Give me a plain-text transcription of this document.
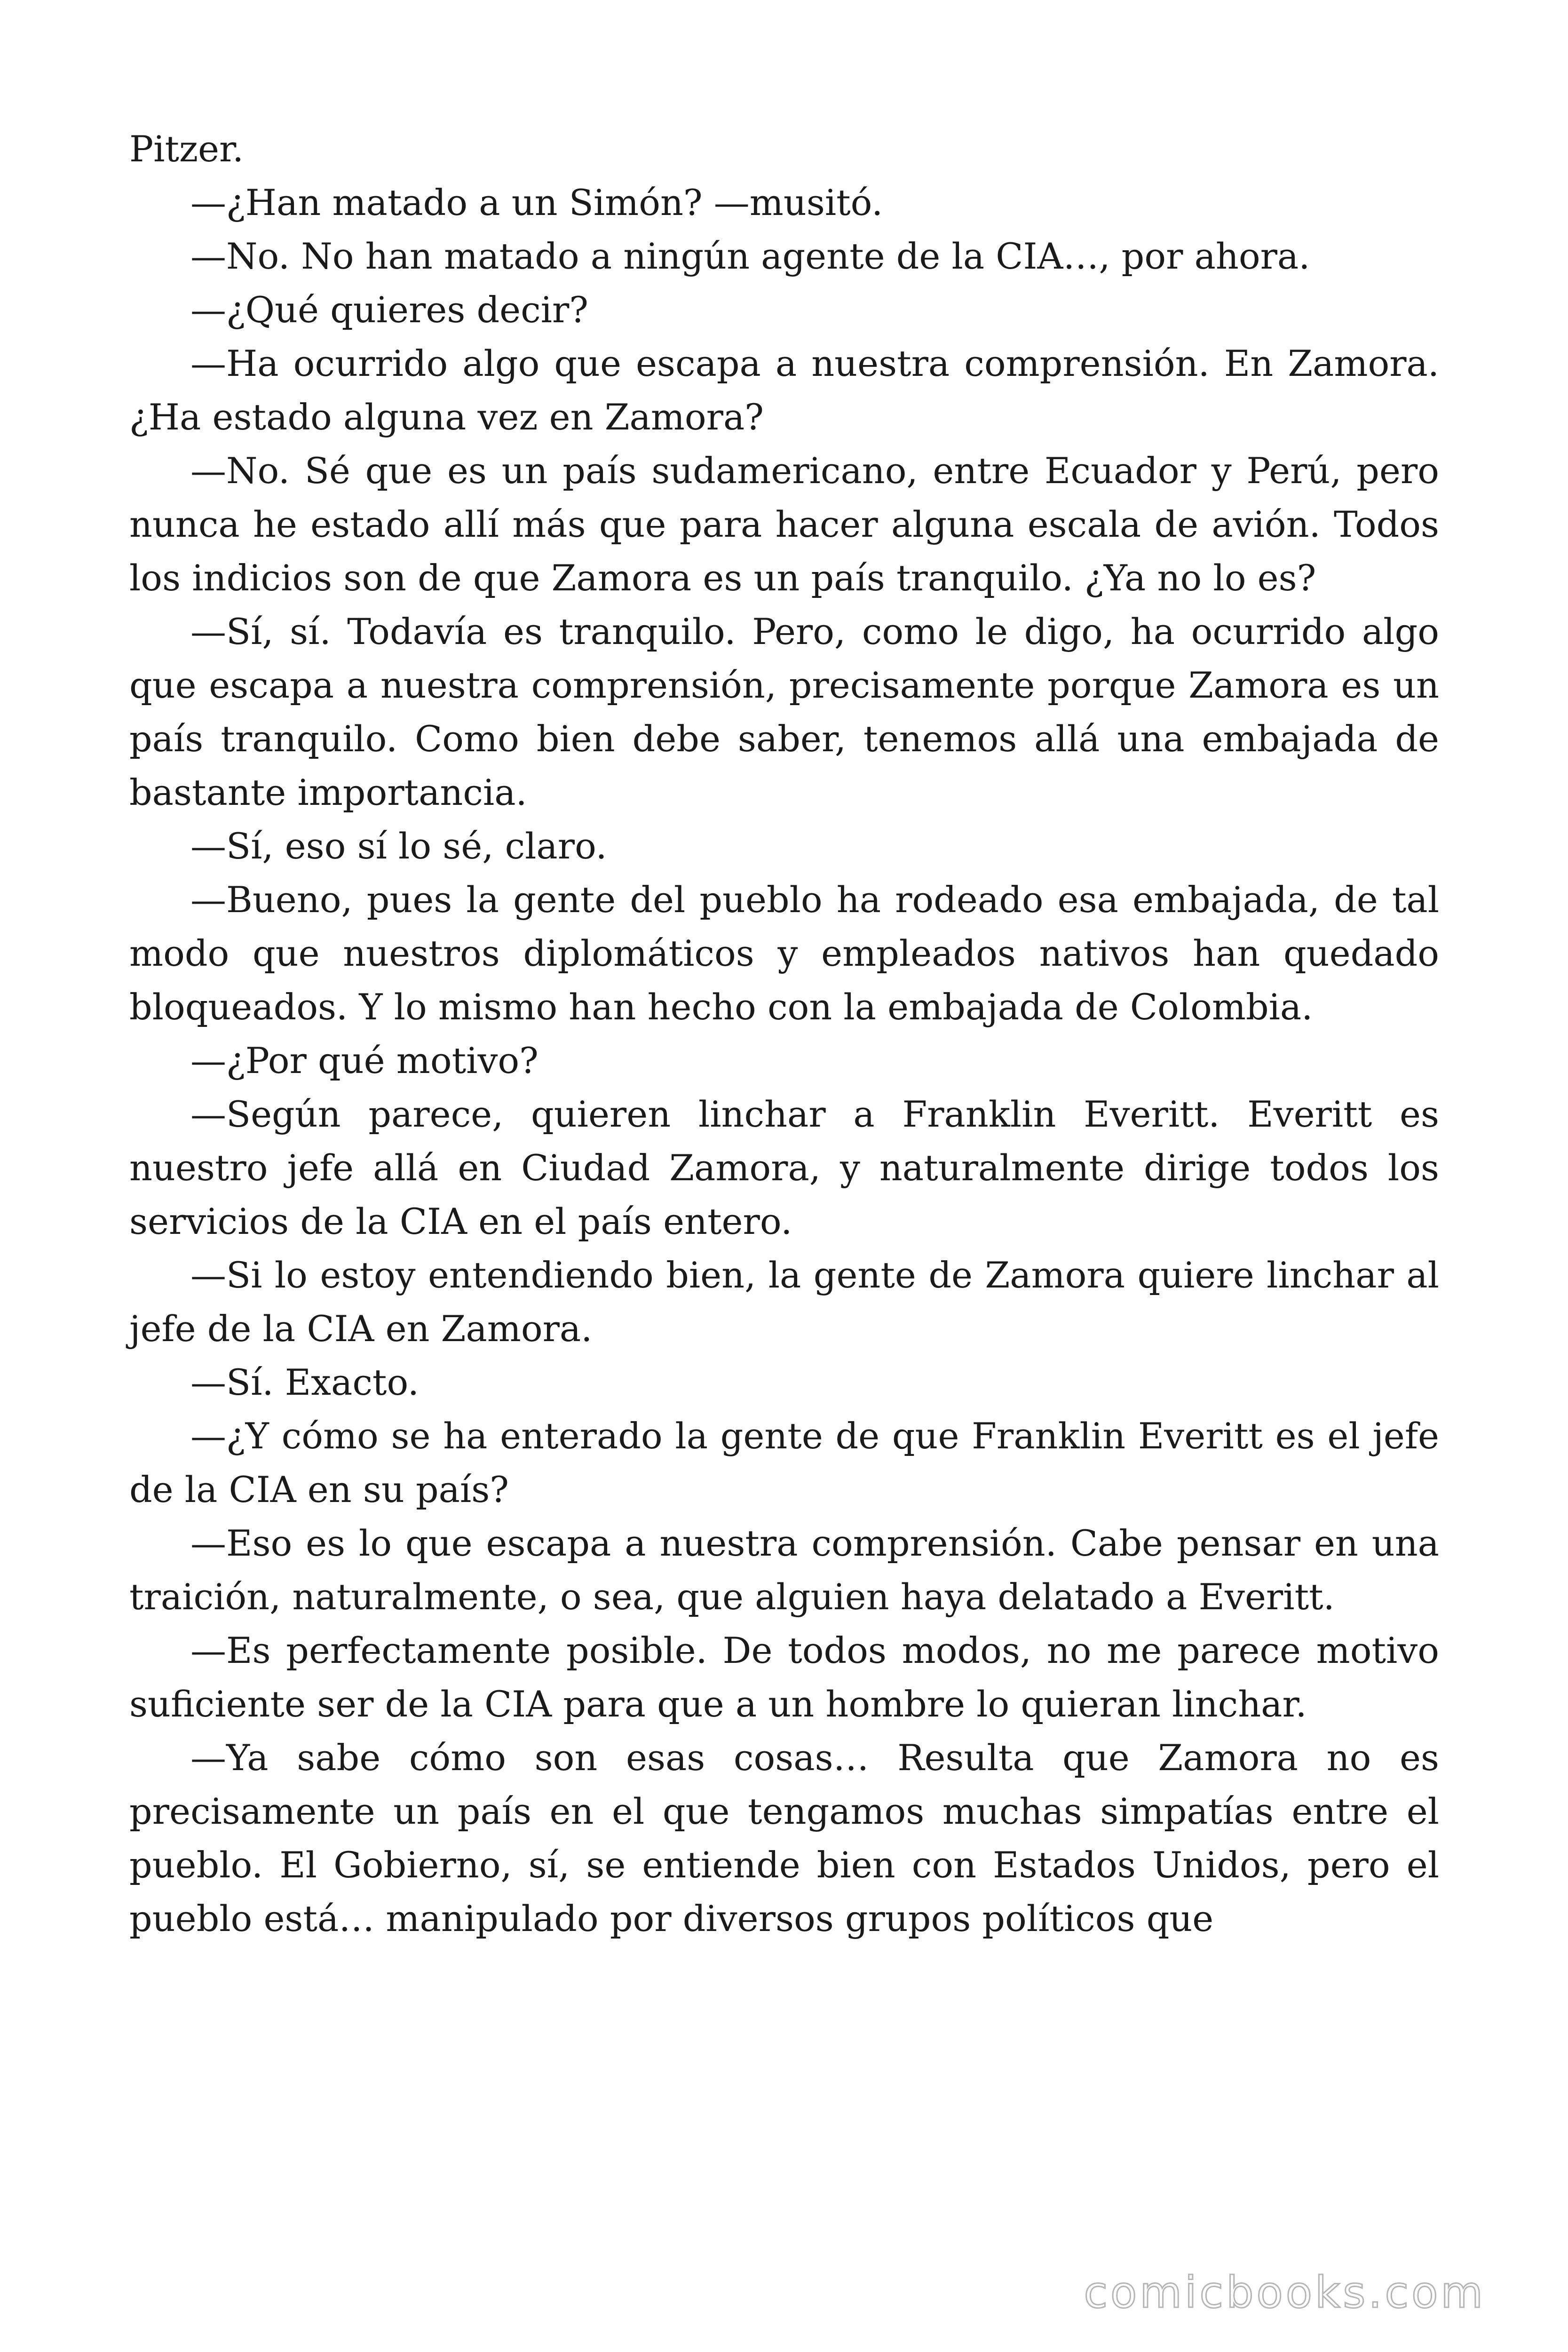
Pitzer.

—¿Han matado a un Simón? —musitó.

—No. No han matado a ningún agente de la CIA…, por ahora.

—¿Qué quieres decir?

—Ha ocurrido algo que escapa a nuestra comprensión. En Zamora. ¿Ha estado alguna vez en Zamora?

—No. Sé que es un país sudamericano, entre Ecuador y Perú, pero nunca he estado allí más que para hacer alguna escala de avión. Todos los indicios son de que Zamora es un país tranquilo. ¿Ya no lo es?

—Sí, sí. Todavía es tranquilo. Pero, como le digo, ha ocurrido algo que escapa a nuestra comprensión, precisamente porque Zamora es un país tranquilo. Como bien debe saber, tenemos allá una embajada de bastante importancia.

—Sí, eso sí lo sé, claro.

—Bueno, pues la gente del pueblo ha rodeado esa embajada, de tal modo que nuestros diplomáticos y empleados nativos han quedado bloqueados. Y lo mismo han hecho con la embajada de Colombia.

—¿Por qué motivo?

—Según parece, quieren linchar a Franklin Everitt. Everitt es nuestro jefe allá en Ciudad Zamora, y naturalmente dirige todos los servicios de la CIA en el país entero.

—Si lo estoy entendiendo bien, la gente de Zamora quiere linchar al jefe de la CIA en Zamora.

—Sí. Exacto.

—¿Y cómo se ha enterado la gente de que Franklin Everitt es el jefe de la CIA en su país?

—Eso es lo que escapa a nuestra comprensión. Cabe pensar en una traición, naturalmente, o sea, que alguien haya delatado a Everitt.

—Es perfectamente posible. De todos modos, no me parece motivo suficiente ser de la CIA para que a un hombre lo quieran linchar.

—Ya sabe cómo son esas cosas… Resulta que Zamora no es precisamente un país en el que tengamos muchas simpatías entre el pueblo. El Gobierno, sí, se entiende bien con Estados Unidos, pero el pueblo está… manipulado por diversos grupos políticos que

comicbooks.com
